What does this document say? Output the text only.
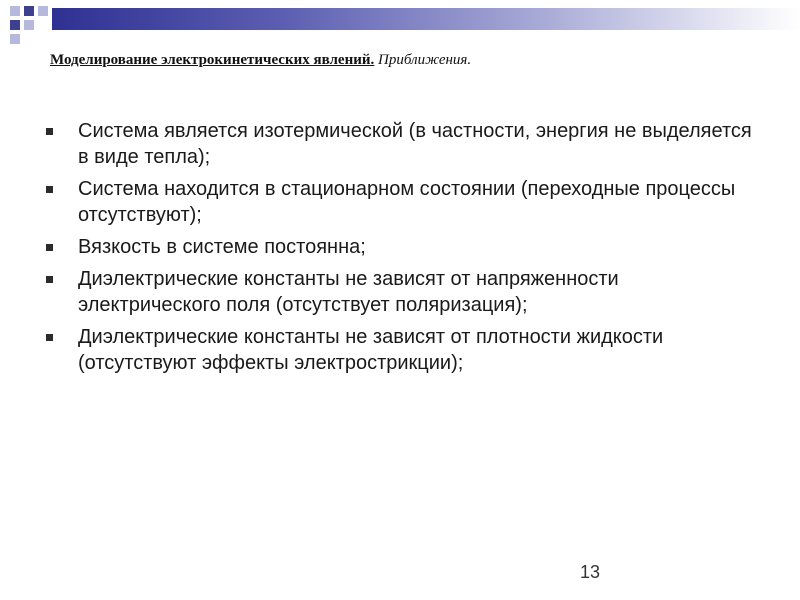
Моделирование электрокинетических явлений. Приближения.
Система является изотермической (в частности, энергия не выделяется в виде тепла);
Система находится в стационарном состоянии (переходные процессы отсутствуют);
Вязкость в системе постоянна;
Диэлектрические константы не зависят от напряженности электрического поля (отсутствует поляризация);
Диэлектрические константы не зависят от плотности жидкости (отсутствуют эффекты электрострикции);
13
